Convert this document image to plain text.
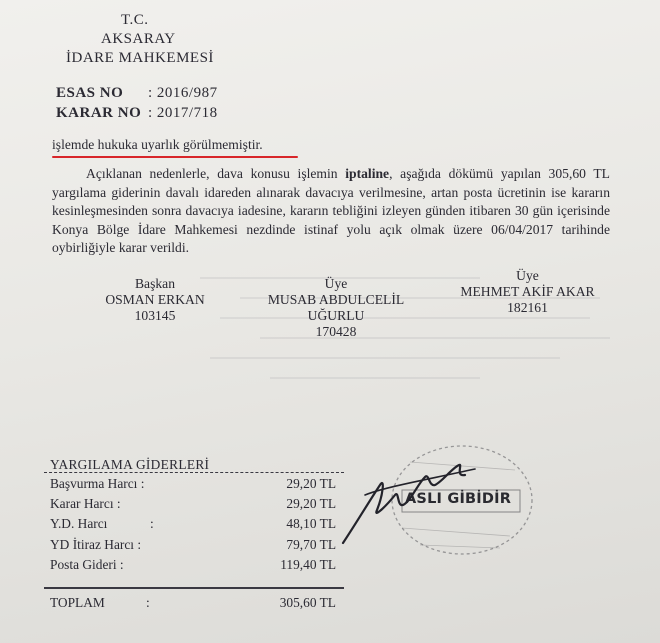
T.C.
AKSARAY
İDARE MAHKEMESİ
ESAS NO : 2016/987
KARAR NO : 2017/718
işlemde hukuka uyarlık görülmemiştir.
Açıklanan nedenlerle, dava konusu işlemin iptaline, aşağıda dökümü yapılan 305,60 TL yargılama giderinin davalı idareden alınarak davacıya verilmesine, artan posta ücretinin ise kararın kesinleşmesinden sonra davacıya iadesine, kararın tebliğini izleyen günden itibaren 30 gün içerisinde Konya Bölge İdare Mahkemesi nezdinde istinaf yolu açık olmak üzere 06/04/2017 tarihinde oybirliğiyle karar verildi.
Başkan
OSMAN ERKAN
103145
Üye
MUSAB ABDULCELİL
UĞURLU
170428
Üye
MEHMET AKİF AKAR
182161
YARGILAMA GİDERLERİ
Başvurma Harcı :	29,20 TL
Karar Harcı :	29,20 TL
Y.D. Harcı	:	48,10 TL
YD İtiraz Harcı :	79,70 TL
Posta Gideri :	119,40 TL
TOPLAM	:	305,60 TL
ASLI GİBİDİR
